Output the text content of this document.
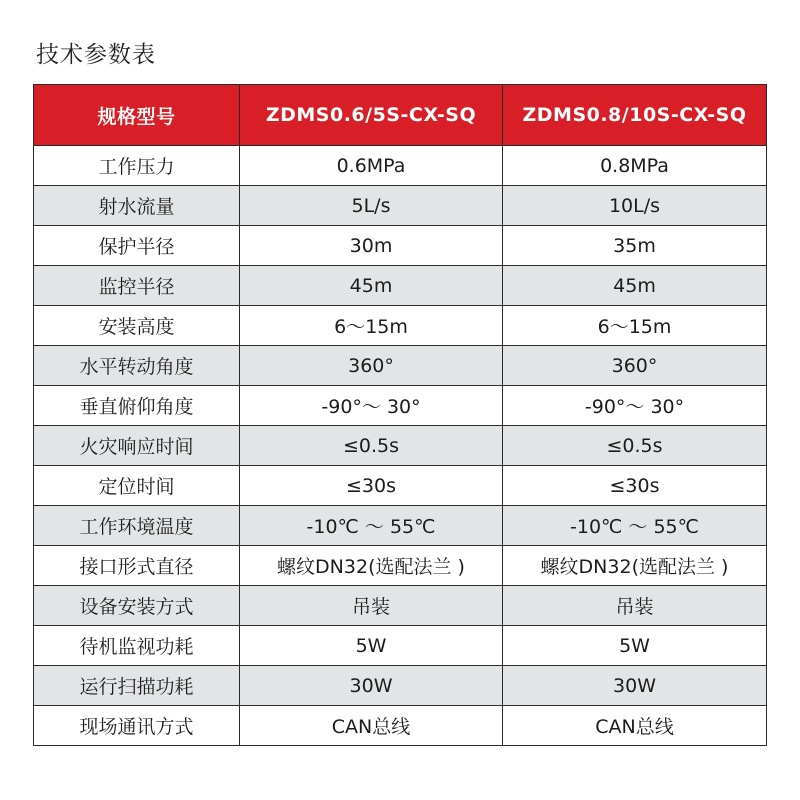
技术参数表
规格型号	ZDMS0.6/5S-CX-SQ	ZDMS0.8/10S-CX-SQ
工作压力	0.6MPa	0.8MPa
射水流量	5L/s	10L/s
保护半径	30m	35m
监控半径	45m	45m
安装高度	6～15m	6～15m
水平转动角度	360°	360°
垂直俯仰角度	-90°～ 30°	-90°～ 30°
火灾响应时间	≤0.5s	≤0.5s
定位时间	≤30s	≤30s
工作环境温度	-10℃ ～ 55℃	-10℃ ～ 55℃
接口形式直径	螺纹DN32(选配法兰 )	螺纹DN32(选配法兰 )
设备安装方式	吊装	吊装
待机监视功耗	5W	5W
运行扫描功耗	30W	30W
现场通讯方式	CAN总线	CAN总线
